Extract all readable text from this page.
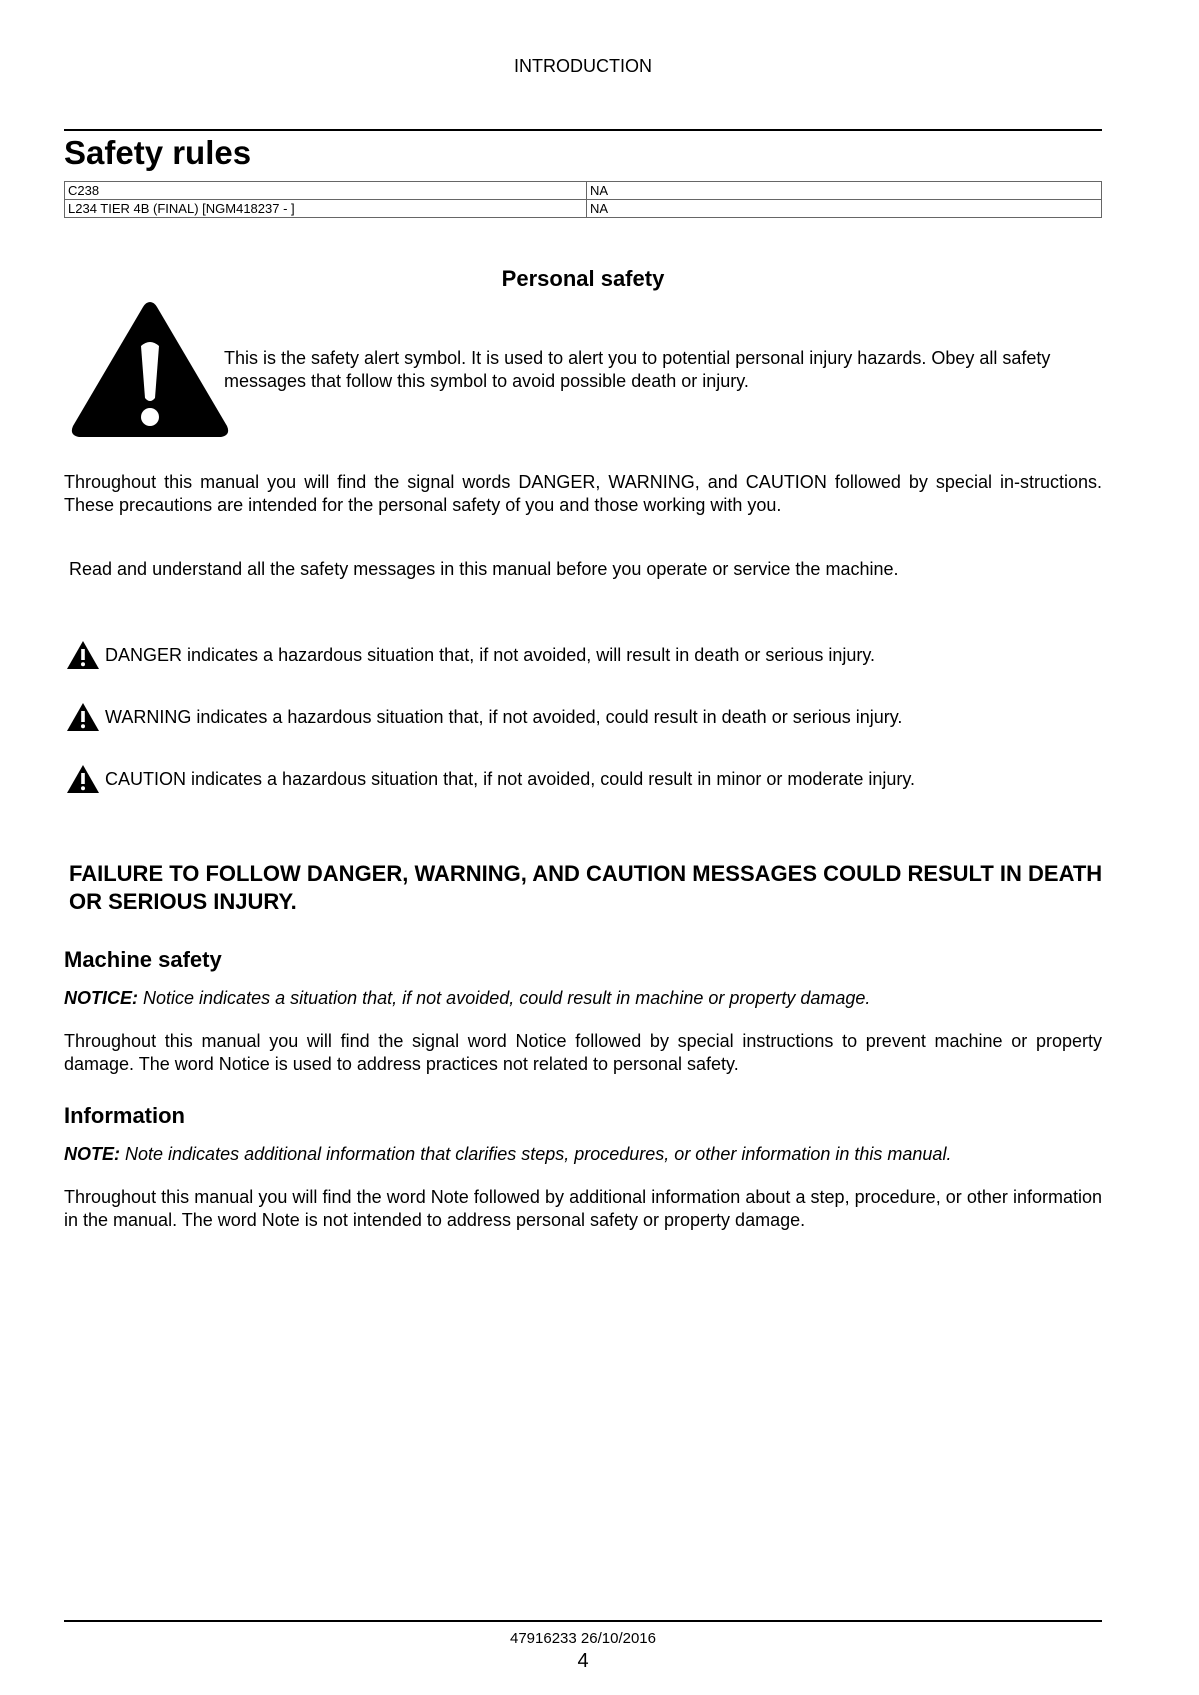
INTRODUCTION
Safety rules
C238	NA
L234 TIER 4B (FINAL) [NGM418237 - ]	NA
Personal safety
This is the safety alert symbol. It is used to alert you to potential personal injury hazards. Obey all safety messages that follow this symbol to avoid possible death or injury.

Throughout this manual you will find the signal words DANGER, WARNING, and CAUTION followed by special in-structions. These precautions are intended for the personal safety of you and those working with you.

Read and understand all the safety messages in this manual before you operate or service the machine.

DANGER indicates a hazardous situation that, if not avoided, will result in death or serious injury.
WARNING indicates a hazardous situation that, if not avoided, could result in death or serious injury.
CAUTION indicates a hazardous situation that, if not avoided, could result in minor or moderate injury.

FAILURE TO FOLLOW DANGER, WARNING, AND CAUTION MESSAGES COULD RESULT IN DEATH OR SERIOUS INJURY.

Machine safety
NOTICE: Notice indicates a situation that, if not avoided, could result in machine or property damage.

Throughout this manual you will find the signal word Notice followed by special instructions to prevent machine or property damage. The word Notice is used to address practices not related to personal safety.

Information
NOTE: Note indicates additional information that clarifies steps, procedures, or other information in this manual.

Throughout this manual you will find the word Note followed by additional information about a step, procedure, or other information in the manual. The word Note is not intended to address personal safety or property damage.

47916233 26/10/2016
4
